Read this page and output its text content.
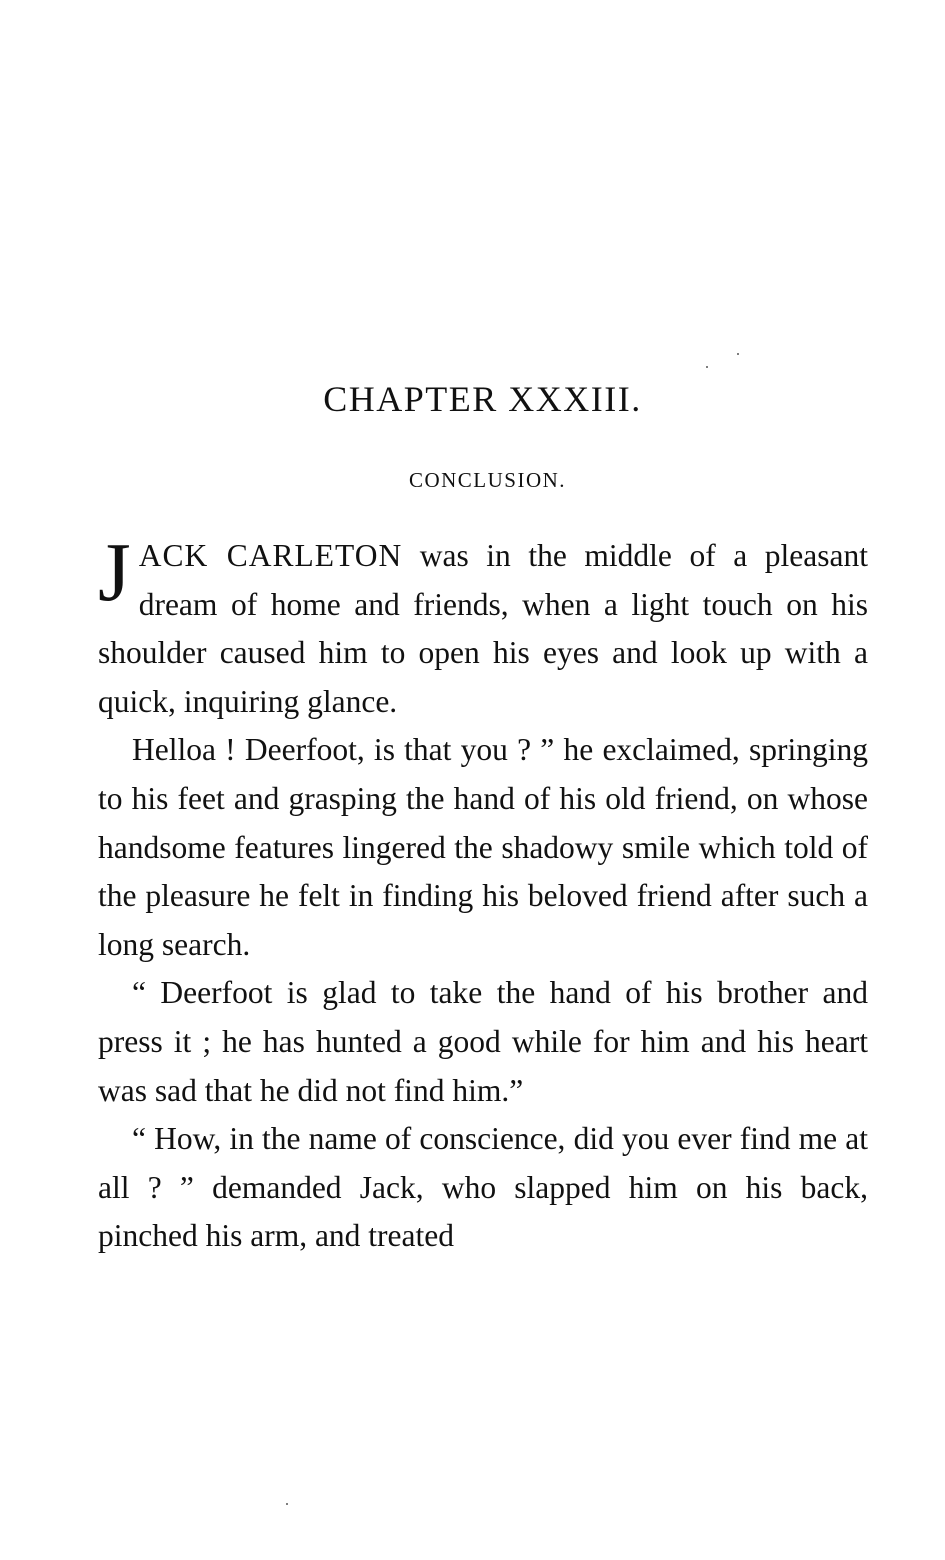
CHAPTER XXXIII.
CONCLUSION.

JACK CARLETON was in the middle of a pleasant dream of home and friends, when a light touch on his shoulder caused him to open his eyes and look up with a quick, inquiring glance.

Helloa ! Deerfoot, is that you ? ” he exclaimed, springing to his feet and grasping the hand of his old friend, on whose handsome features lingered the shadowy smile which told of the pleasure he felt in finding his beloved friend after such a long search.

“ Deerfoot is glad to take the hand of his brother and press it ; he has hunted a good while for him and his heart was sad that he did not find him.”

“ How, in the name of conscience, did you ever find me at all ? ” demanded Jack, who slapped him on his back, pinched his arm, and treated
